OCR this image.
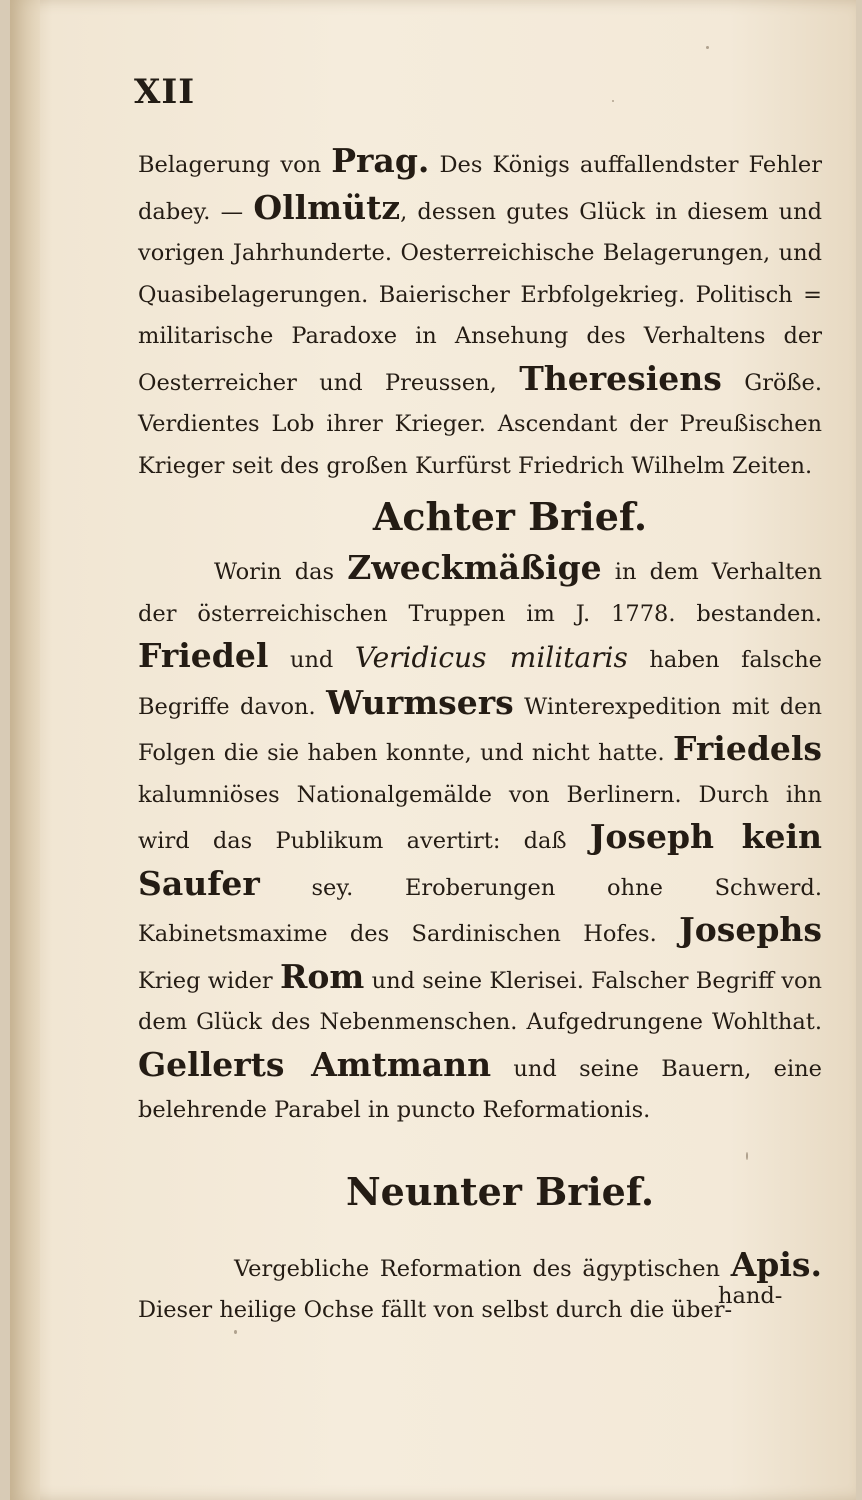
XII

Belagerung von Prag. Des Königs auffallendster Fehler dabey. — Ollmütz, dessen gutes Glück in diesem und vorigen Jahrhunderte. Oesterreichische Belagerungen, und Quasibelagerungen. Baierischer Erbfolgekrieg. Politisch = militarische Paradoxe in Ansehung des Verhaltens der Oesterreicher und Preussen, Theresiens Größe. Verdientes Lob ihrer Krieger. Ascendant der Preußischen Krieger seit des großen Kurfürst Friedrich Wilhelm Zeiten.

Achter Brief.

Worin das Zweckmäßige in dem Verhalten der österreichischen Truppen im J. 1778. bestanden. Friedel und Veridicus militaris haben falsche Begriffe davon. Wurmsers Winterexpedition mit den Folgen die sie haben konnte, und nicht hatte. Friedels kalumniöses Nationalgemälde von Berlinern. Durch ihn wird das Publikum avertirt: daß Joseph kein Saufer sey. Eroberungen ohne Schwerd. Kabinetsmaxime des Sardinischen Hofes. Josephs Krieg wider Rom und seine Klerisei. Falscher Begriff von dem Glück des Nebenmenschen. Aufgedrungene Wohlthat. Gellerts Amtmann und seine Bauern, eine belehrende Parabel in puncto Reformationis.

Neunter Brief.

Vergebliche Reformation des ägyptischen Apis. Dieser heilige Ochse fällt von selbst durch die über-

hand-
